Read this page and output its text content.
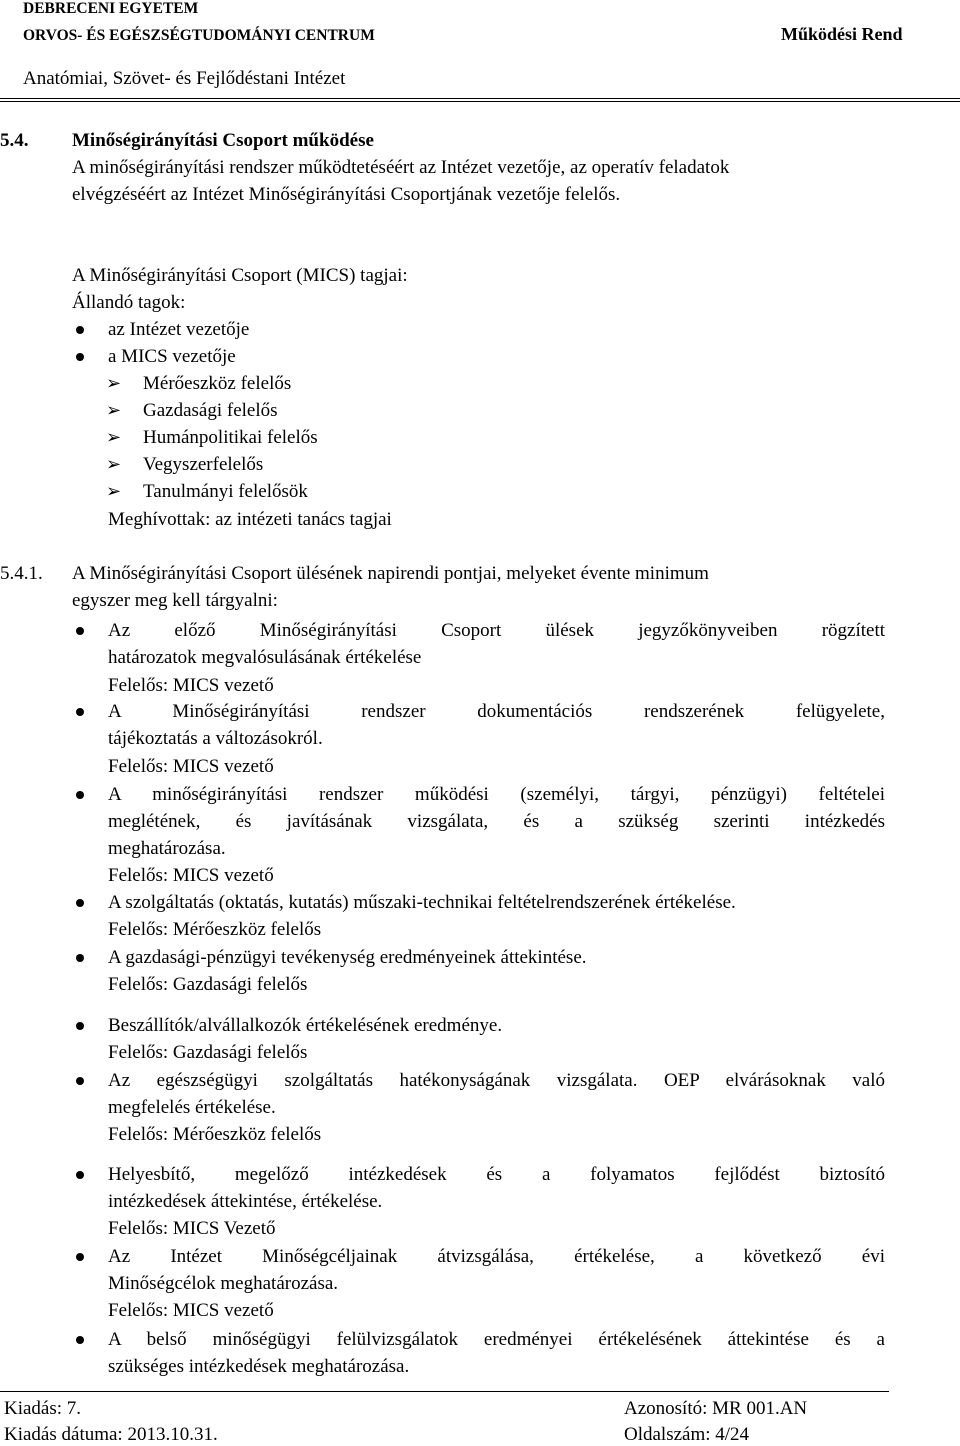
DEBRECENI EGYETEM
ORVOS- ÉS EGÉSZSÉGTUDOMÁNYI CENTRUM	Működési Rend
Anatómiai, Szövet- és Fejlődéstani Intézet
5.4. Minőségirányítási Csoport működése
A minőségirányítási rendszer működtetéséért az Intézet vezetője, az operatív feladatok
elvégzéséért az Intézet Minőségirányítási Csoportjának vezetője felelős.
A Minőségirányítási Csoport (MICS) tagjai:
Állandó tagok:
az Intézet vezetője
a MICS vezetője
➢ Mérőeszköz felelős
➢ Gazdasági felelős
➢ Humánpolitikai felelős
➢ Vegyszerfelelős
➢ Tanulmányi felelősök
Meghívottak: az intézeti tanács tagjai
5.4.1. A Minőségirányítási Csoport ülésének napirendi pontjai, melyeket évente minimum
egyszer meg kell tárgyalni:
Az előző Minőségirányítási Csoport ülések jegyzőkönyveiben rögzített
határozatok megvalósulásának értékelése
Felelős: MICS vezető
A Minőségirányítási rendszer dokumentációs rendszerének felügyelete,
tájékoztatás a változásokról.
Felelős: MICS vezető
A minőségirányítási rendszer működési (személyi, tárgyi, pénzügyi) feltételei
meglétének, és javításának vizsgálata, és a szükség szerinti intézkedés
meghatározása.
Felelős: MICS vezető
A szolgáltatás (oktatás, kutatás) műszaki-technikai feltételrendszerének értékelése.
Felelős: Mérőeszköz felelős
A gazdasági-pénzügyi tevékenység eredményeinek áttekintése.
Felelős: Gazdasági felelős
Beszállítók/alvállalkozók értékelésének eredménye.
Felelős: Gazdasági felelős
Az egészségügyi szolgáltatás hatékonyságának vizsgálata. OEP elvárásoknak való
megfelelés értékelése.
Felelős: Mérőeszköz felelős
Helyesbítő, megelőző intézkedések és a folyamatos fejlődést biztosító
intézkedések áttekintése, értékelése.
Felelős: MICS Vezető
Az Intézet Minőségcéljainak átvizsgálása, értékelése, a következő évi
Minőségcélok meghatározása.
Felelős: MICS vezető
A belső minőségügyi felülvizsgálatok eredményei értékelésének áttekintése és a
szükséges intézkedések meghatározása.
Kiadás: 7.
Kiadás dátuma: 2013.10.31.
Azonosító: MR 001.AN
Oldalszám: 4/24
